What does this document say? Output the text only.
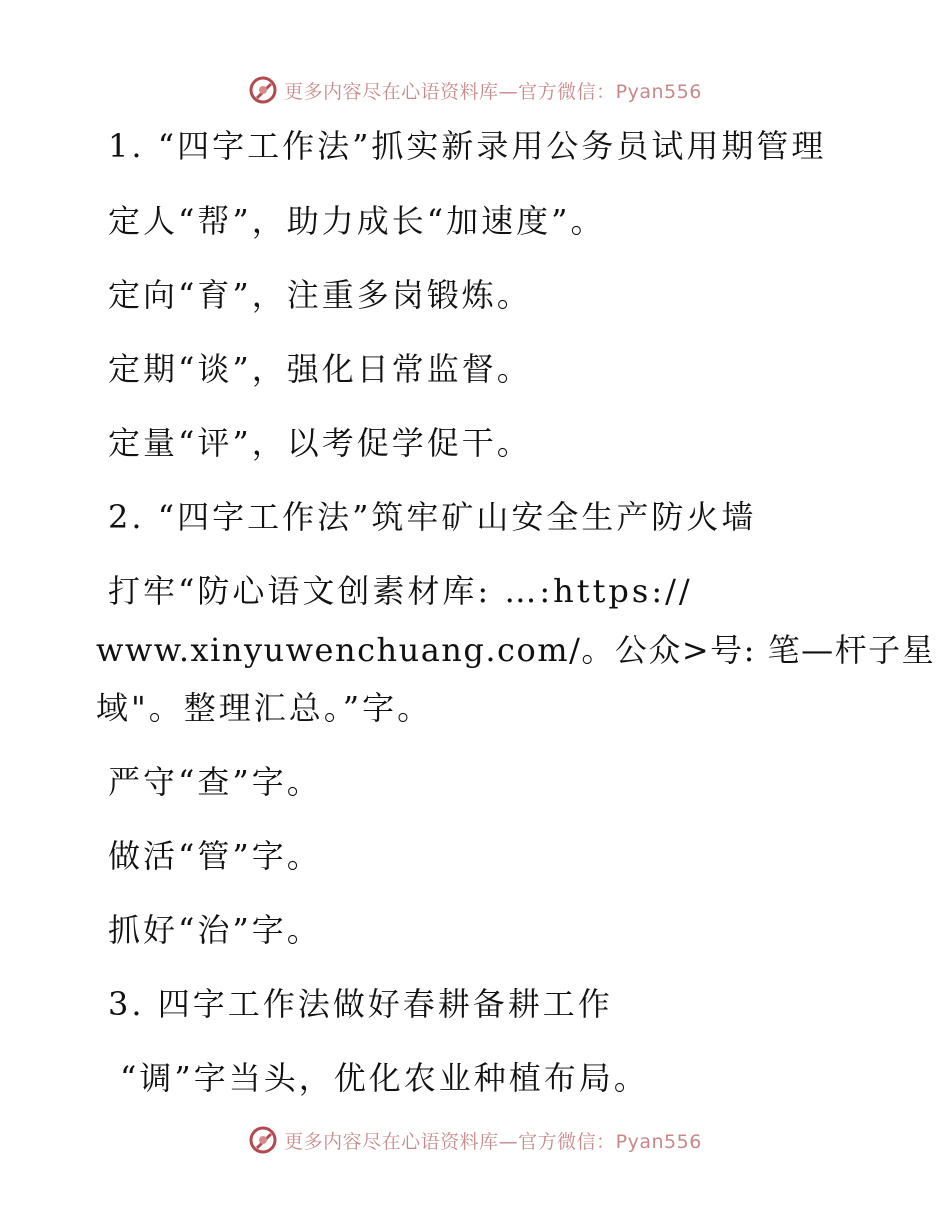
更多内容尽在心语资料库—官方微信：Pyan556
1. “四字工作法”抓实新录用公务员试用期管理
定人“帮”，助力成长“加速度”。
定向“育”，注重多岗锻炼。
定期“谈”，强化日常监督。
定量“评”，以考促学促干。
2. “四字工作法”筑牢矿山安全生产防火墙
打牢“防心语文创素材库: …:https://
www.xinyuwenchuang.com/。公众>号: 笔—杆子星
域"。整理汇总。”字。
严守“查”字。
做活“管”字。
抓好“治”字。
3. 四字工作法做好春耕备耕工作
“调”字当头，优化农业种植布局。
更多内容尽在心语资料库—官方微信：Pyan556
